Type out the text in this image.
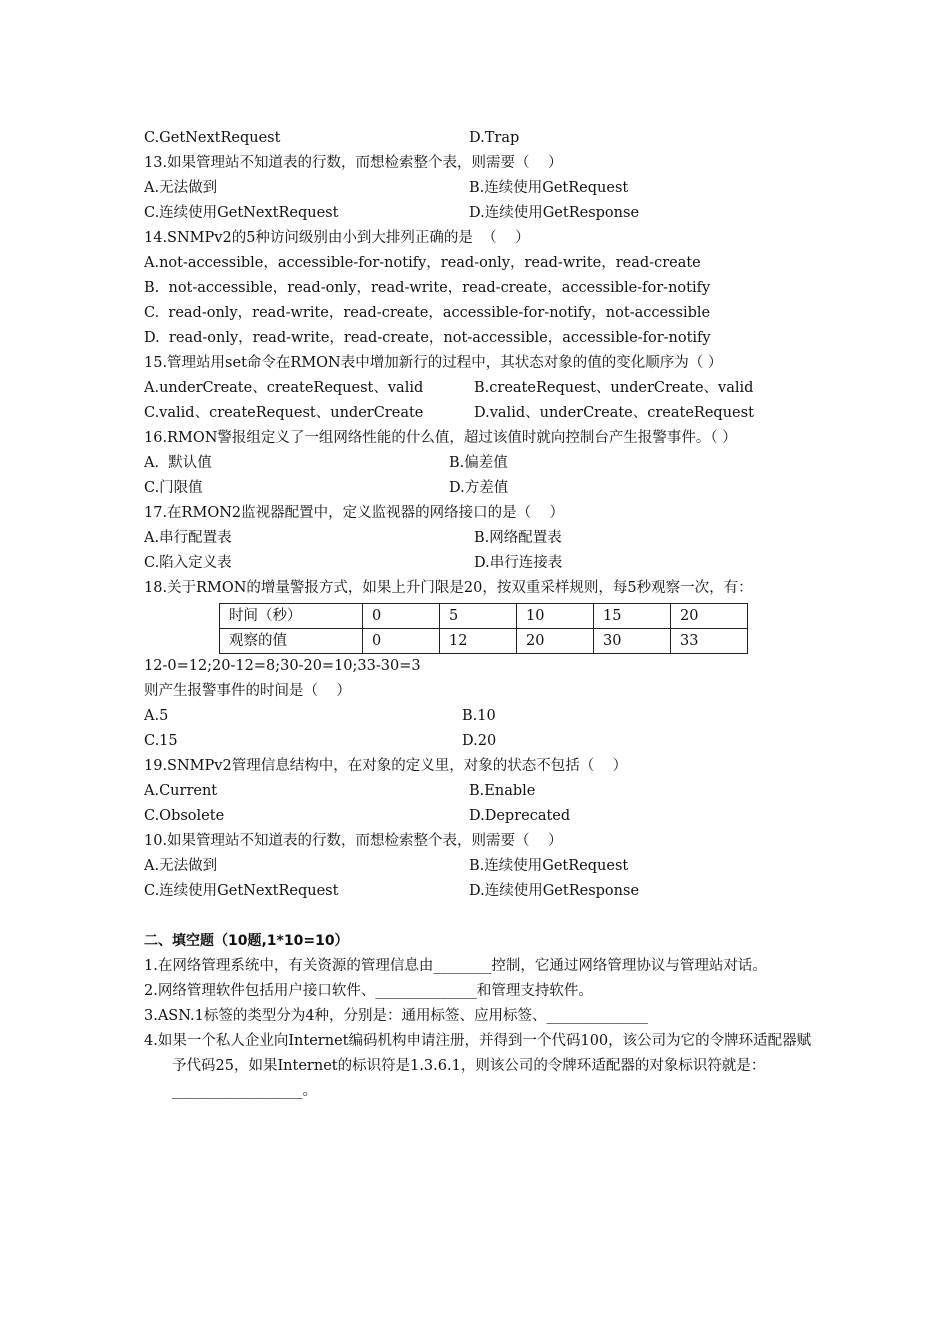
C.GetNextRequest	D.Trap
13.如果管理站不知道表的行数，而想检索整个表，则需要（    ）
A.无法做到	B.连续使用GetRequest
C.连续使用GetNextRequest	D.连续使用GetResponse
14.SNMPv2的5种访问级别由小到大排列正确的是  （    ）
A.not-accessible，accessible-for-notify，read-only，read-write，read-create
B.  not-accessible，read-only，read-write，read-create，accessible-for-notify
C.  read-only，read-write，read-create，accessible-for-notify，not-accessible
D.  read-only，read-write，read-create，not-accessible，accessible-for-notify
15.管理站用set命令在RMON表中增加新行的过程中，其状态对象的值的变化顺序为（ ）
A.underCreate、createRequest、valid	B.createRequest、underCreate、valid
C.valid、createRequest、underCreate	D.valid、underCreate、createRequest
16.RMON警报组定义了一组网络性能的什么值，超过该值时就向控制台产生报警事件。（ ）
A.  默认值	B.偏差值
C.门限值	D.方差值
17.在RMON2监视器配置中，定义监视器的网络接口的是（    ）
A.串行配置表	B.网络配置表
C.陷入定义表	D.串行连接表
18.关于RMON的增量警报方式，如果上升门限是20，按双重采样规则，每5秒观察一次，有：
时间（秒）	0	5	10	15	20
观察的值	0	12	20	30	33
12-0=12;20-12=8;30-20=10;33-30=3
则产生报警事件的时间是（    ）
A.5	B.10
C.15	D.20
19.SNMPv2管理信息结构中，在对象的定义里，对象的状态不包括（    ）
A.Current	B.Enable
C.Obsolete	D.Deprecated
10.如果管理站不知道表的行数，而想检索整个表，则需要（    ）
A.无法做到	B.连续使用GetRequest
C.连续使用GetNextRequest	D.连续使用GetResponse
二、填空题（10题,1*10=10）
1.在网络管理系统中，有关资源的管理信息由________控制，它通过网络管理协议与管理站对话。
2.网络管理软件包括用户接口软件、______________和管理支持软件。
3.ASN.1标签的类型分为4种，分别是：通用标签、应用标签、______________
4.如果一个私人企业向Internet编码机构申请注册，并得到一个代码100，该公司为它的令牌环适配器赋予代码25，如果Internet的标识符是1.3.6.1，则该公司的令牌环适配器的对象标识符就是：__________________。
